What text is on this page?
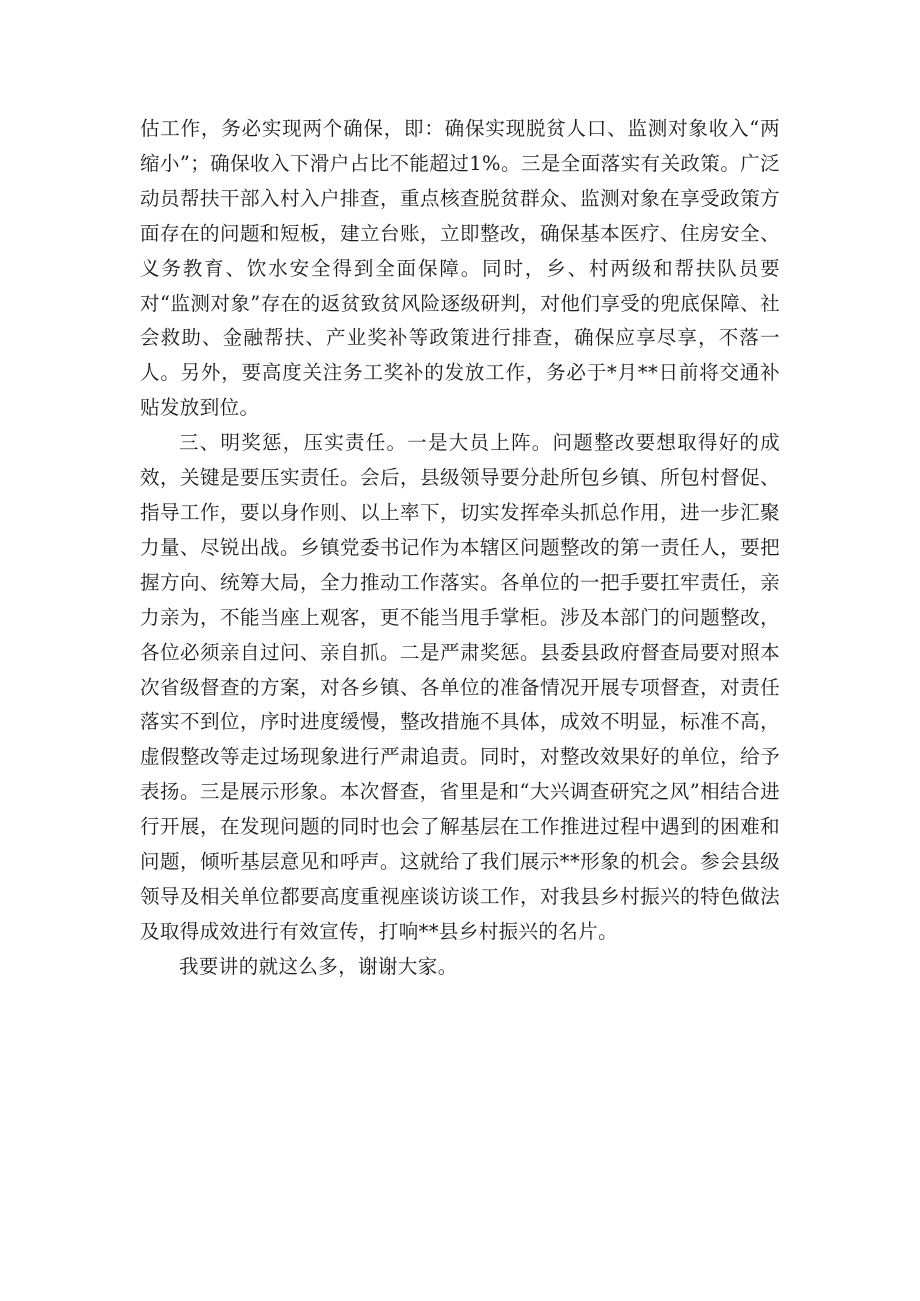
估工作，务必实现两个确保，即：确保实现脱贫人口、监测对象收入“两缩小”；确保收入下滑户占比不能超过1%。三是全面落实有关政策。广泛动员帮扶干部入村入户排查，重点核查脱贫群众、监测对象在享受政策方面存在的问题和短板，建立台账，立即整改，确保基本医疗、住房安全、义务教育、饮水安全得到全面保障。同时，乡、村两级和帮扶队员要对“监测对象”存在的返贫致贫风险逐级研判，对他们享受的兜底保障、社会救助、金融帮扶、产业奖补等政策进行排查，确保应享尽享，不落一人。另外，要高度关注务工奖补的发放工作，务必于*月**日前将交通补贴发放到位。

三、明奖惩，压实责任。一是大员上阵。问题整改要想取得好的成效，关键是要压实责任。会后，县级领导要分赴所包乡镇、所包村督促、指导工作，要以身作则、以上率下，切实发挥牵头抓总作用，进一步汇聚力量、尽锐出战。乡镇党委书记作为本辖区问题整改的第一责任人，要把握方向、统筹大局，全力推动工作落实。各单位的一把手要扛牢责任，亲力亲为，不能当座上观客，更不能当甩手掌柜。涉及本部门的问题整改，各位必须亲自过问、亲自抓。二是严肃奖惩。县委县政府督查局要对照本次省级督查的方案，对各乡镇、各单位的准备情况开展专项督查，对责任落实不到位，序时进度缓慢，整改措施不具体，成效不明显，标准不高，虚假整改等走过场现象进行严肃追责。同时，对整改效果好的单位，给予表扬。三是展示形象。本次督查，省里是和“大兴调查研究之风”相结合进行开展，在发现问题的同时也会了解基层在工作推进过程中遇到的困难和问题，倾听基层意见和呼声。这就给了我们展示**形象的机会。参会县级领导及相关单位都要高度重视座谈访谈工作，对我县乡村振兴的特色做法及取得成效进行有效宣传，打响**县乡村振兴的名片。

我要讲的就这么多，谢谢大家。
